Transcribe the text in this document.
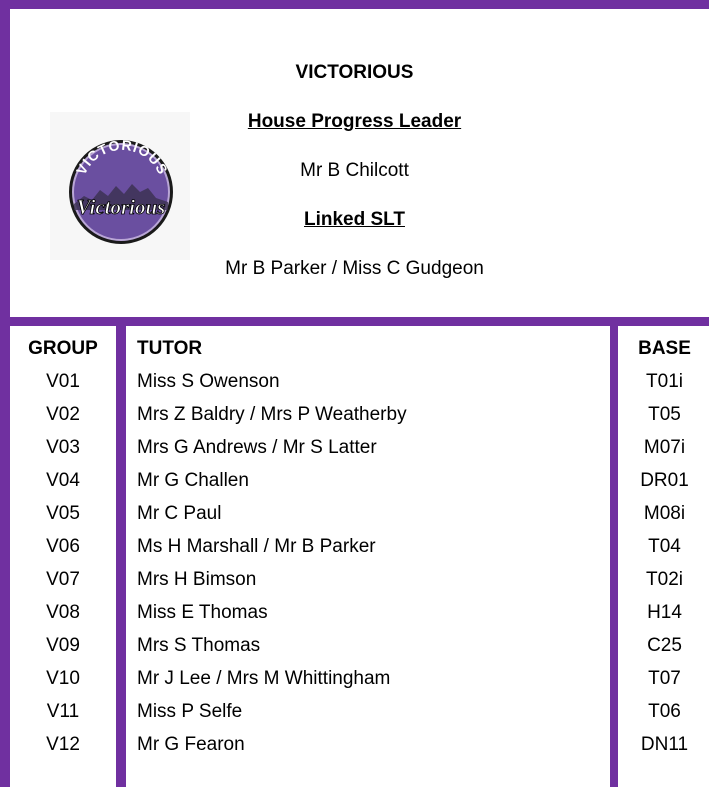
VICTORIOUS
House Progress Leader
Mr B Chilcott
Linked SLT
Mr B Parker / Miss C Gudgeon
VICTORIOUS
Victorious
GROUP	TUTOR	BASE
V01	Miss S Owenson	T01i
V02	Mrs Z Baldry / Mrs P Weatherby	T05
V03	Mrs G Andrews / Mr S Latter	M07i
V04	Mr G Challen	DR01
V05	Mr C Paul	M08i
V06	Ms H Marshall / Mr B Parker	T04
V07	Mrs H Bimson	T02i
V08	Miss E Thomas	H14
V09	Mrs S Thomas	C25
V10	Mr J Lee / Mrs M Whittingham	T07
V11	Miss P Selfe	T06
V12	Mr G Fearon	DN11
